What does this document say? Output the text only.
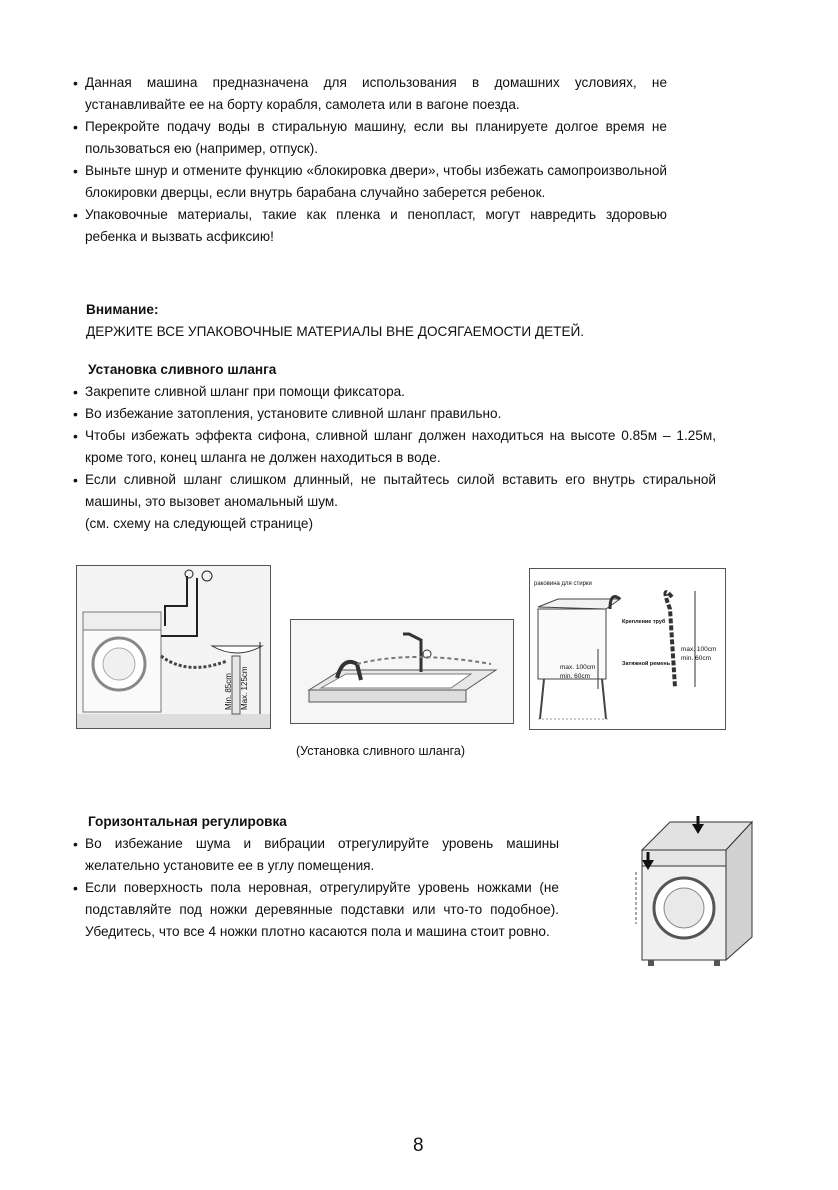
• Данная машина предназначена для использования в домашних условиях, не устанавливайте ее на борту корабля, самолета или в вагоне поезда.
• Перекройте подачу воды в стиральную машину, если вы планируете долгое время не пользоваться ею (например, отпуск).
• Выньте шнур и отмените функцию «блокировка двери», чтобы избежать самопроизвольной блокировки дверцы, если внутрь барабана случайно заберется ребенок.
• Упаковочные материалы, такие как пленка и пенопласт, могут навредить здоровью ребенка и вызвать асфиксию!
Внимание:
ДЕРЖИТЕ ВСЕ УПАКОВОЧНЫЕ МАТЕРИАЛЫ ВНЕ ДОСЯГАЕМОСТИ ДЕТЕЙ.
Установка сливного шланга
• Закрепите сливной шланг при помощи фиксатора.
• Во избежание затопления, установите сливной шланг правильно.
• Чтобы избежать эффекта сифона, сливной шланг должен находиться на высоте 0.85м – 1.25м, кроме того, конец шланга не должен находиться в воде.
• Если сливной шланг слишком длинный, не пытайтесь силой вставить его внутрь стиральной машины, это вызовет аномальный шум.
(см. схему на следующей странице)
Min. 85cm Max. 125cm
раковина для стирки
Крепление труб
Затяжной ремень
max. 100cm
min. 60cm
max. 100cm
min. 60cm
(Установка сливного шланга)
Горизонтальная регулировка
• Во избежание шума и вибрации отрегулируйте уровень машины желательно установите ее в углу помещения.
• Если поверхность пола неровная, отрегулируйте уровень ножками (не подставляйте под ножки деревянные подставки или что-то подобное). Убедитесь, что все 4 ножки плотно касаются пола и машина стоит ровно.
8
